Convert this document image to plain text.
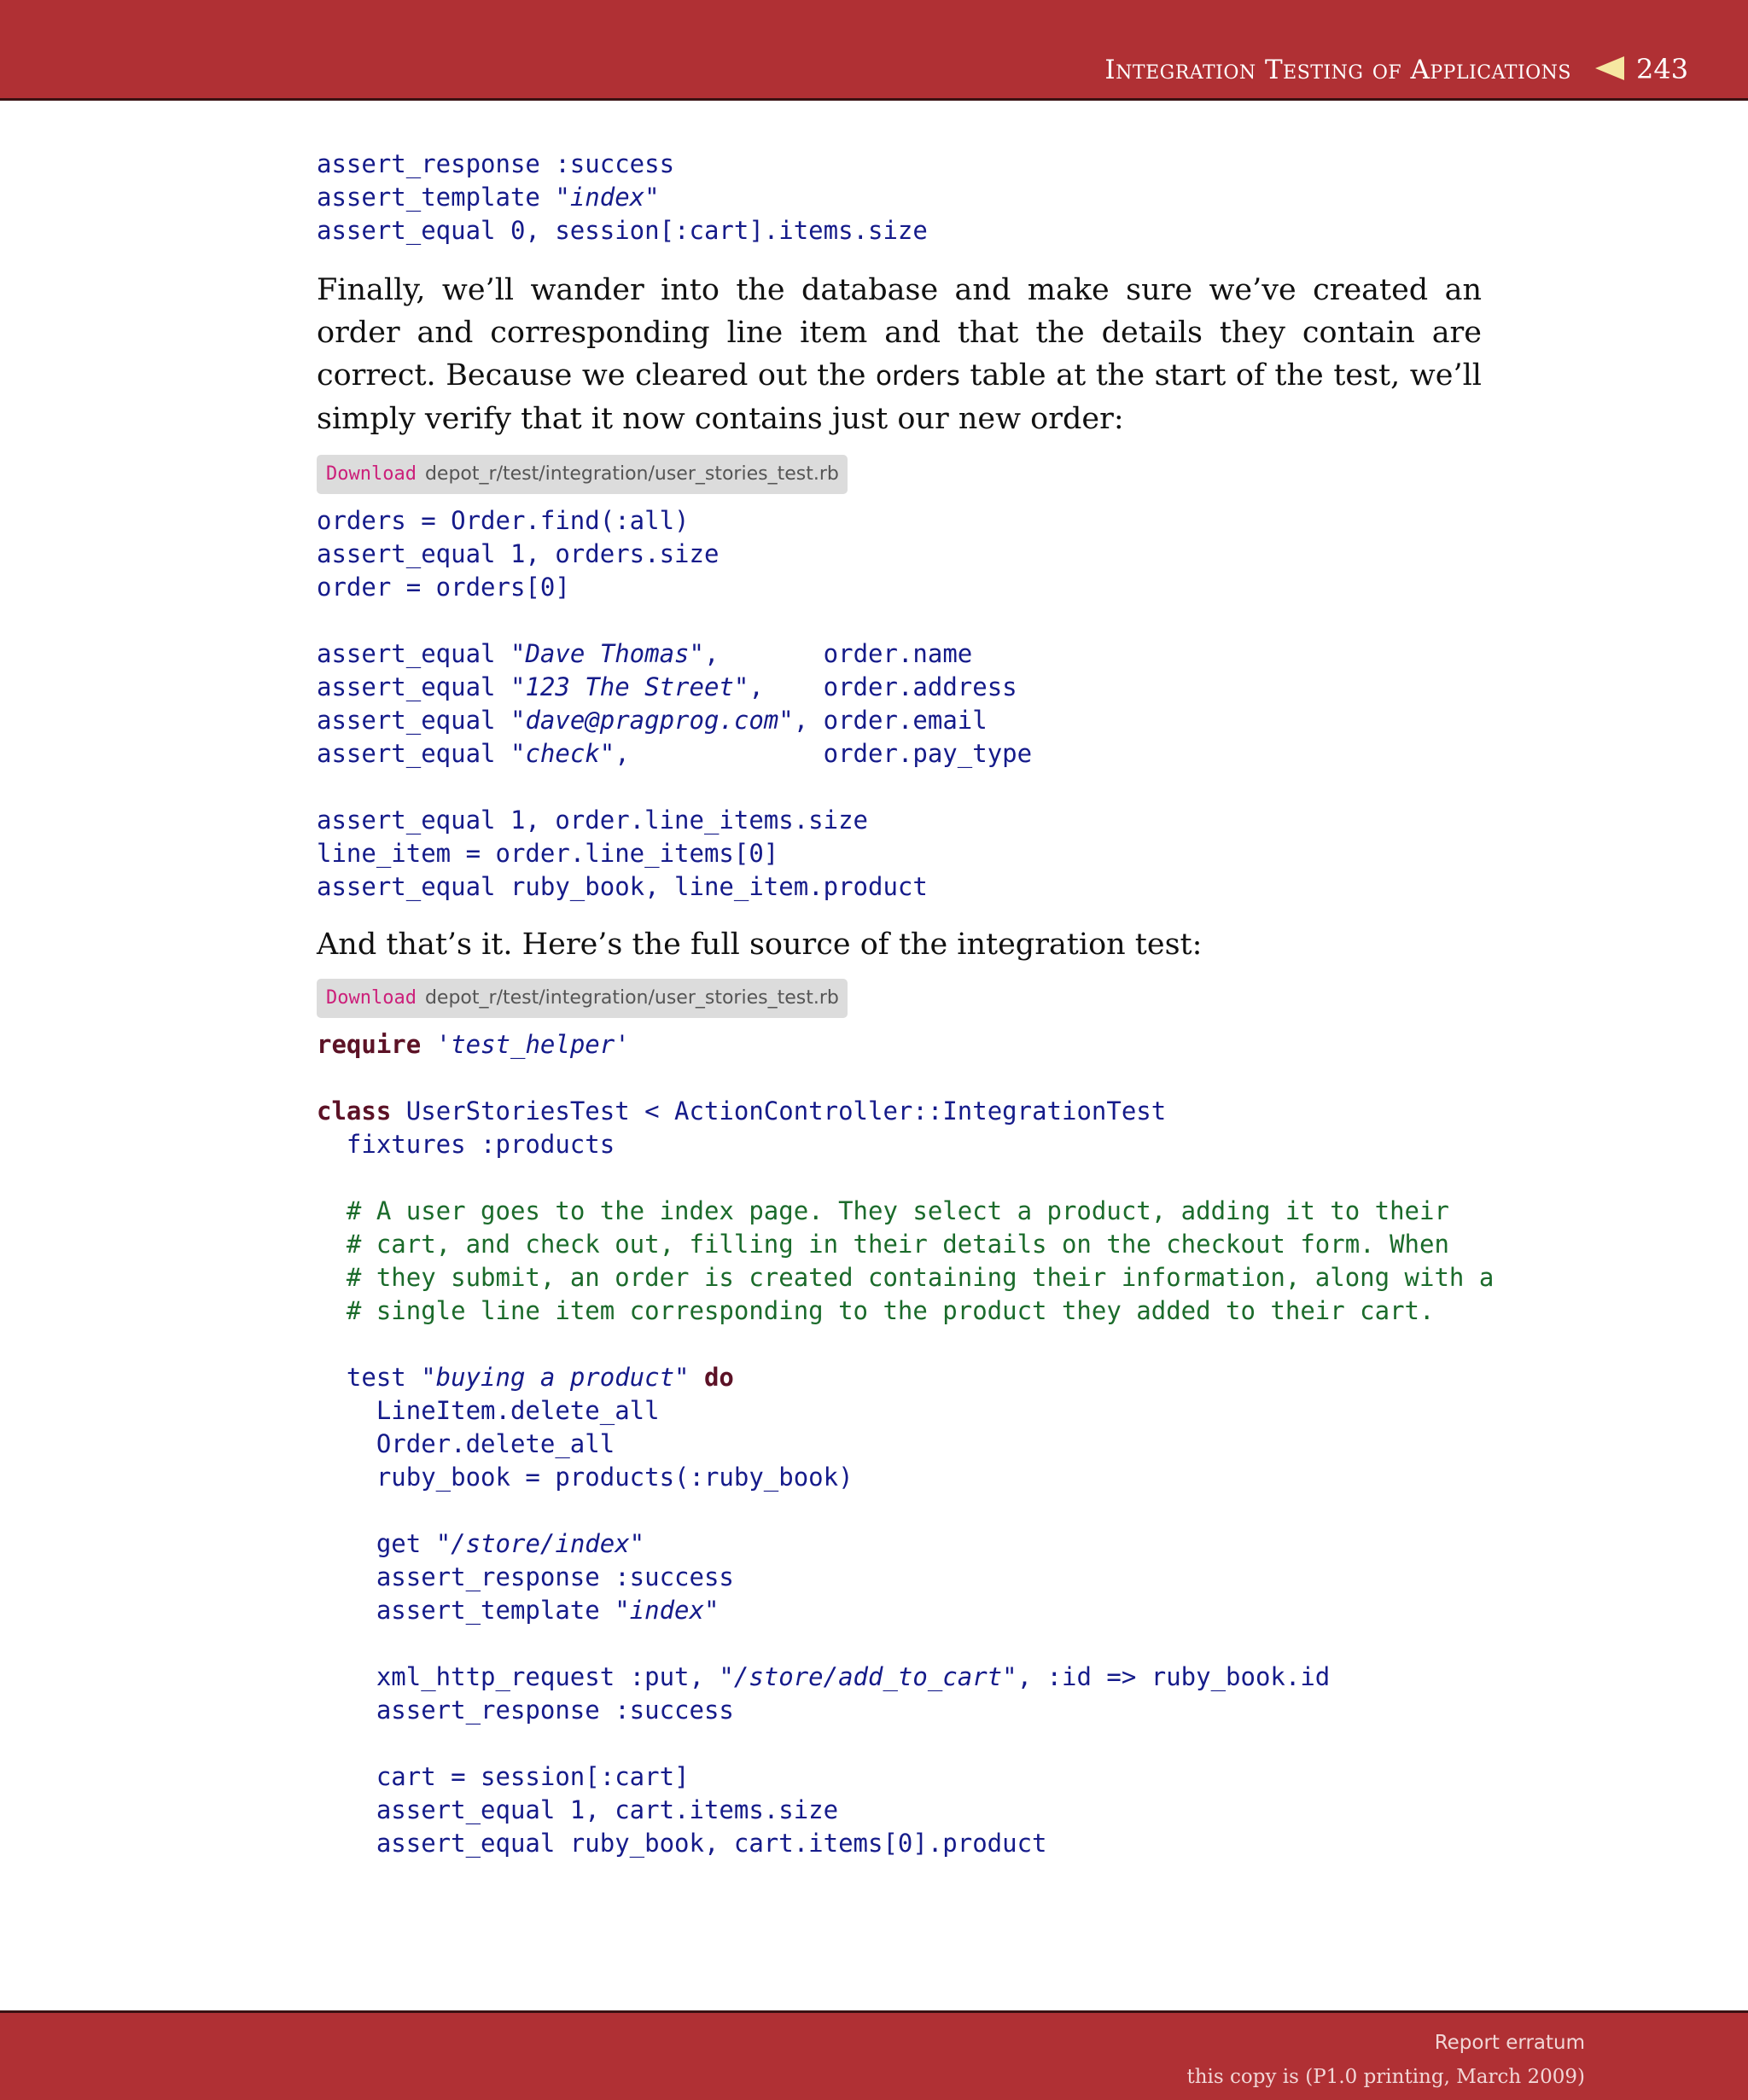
Integration Testing of Applications 243
assert_response :success
assert_template "index"
assert_equal 0, session[:cart].items.size

Finally, we’ll wander into the database and make sure we’ve created an order and corresponding line item and that the details they contain are correct. Because we cleared out the orders table at the start of the test, we’ll simply verify that it now contains just our new order:

Download depot_r/test/integration/user_stories_test.rb
orders = Order.find(:all)
assert_equal 1, orders.size
order = orders[0]

assert_equal "Dave Thomas",       order.name
assert_equal "123 The Street",    order.address
assert_equal "dave@pragprog.com", order.email
assert_equal "check",             order.pay_type

assert_equal 1, order.line_items.size
line_item = order.line_items[0]
assert_equal ruby_book, line_item.product

And that’s it. Here’s the full source of the integration test:

Download depot_r/test/integration/user_stories_test.rb
require 'test_helper'

class UserStoriesTest < ActionController::IntegrationTest
fixtures :products

# A user goes to the index page. They select a product, adding it to their
# cart, and check out, filling in their details on the checkout form. When
# they submit, an order is created containing their information, along with a
# single line item corresponding to the product they added to their cart.

test "buying a product" do
LineItem.delete_all
Order.delete_all
ruby_book = products(:ruby_book)

get "/store/index"
assert_response :success
assert_template "index"

xml_http_request :put, "/store/add_to_cart", :id => ruby_book.id
assert_response :success

cart = session[:cart]
assert_equal 1, cart.items.size
assert_equal ruby_book, cart.items[0].product
Report erratum
this copy is (P1.0 printing, March 2009)
